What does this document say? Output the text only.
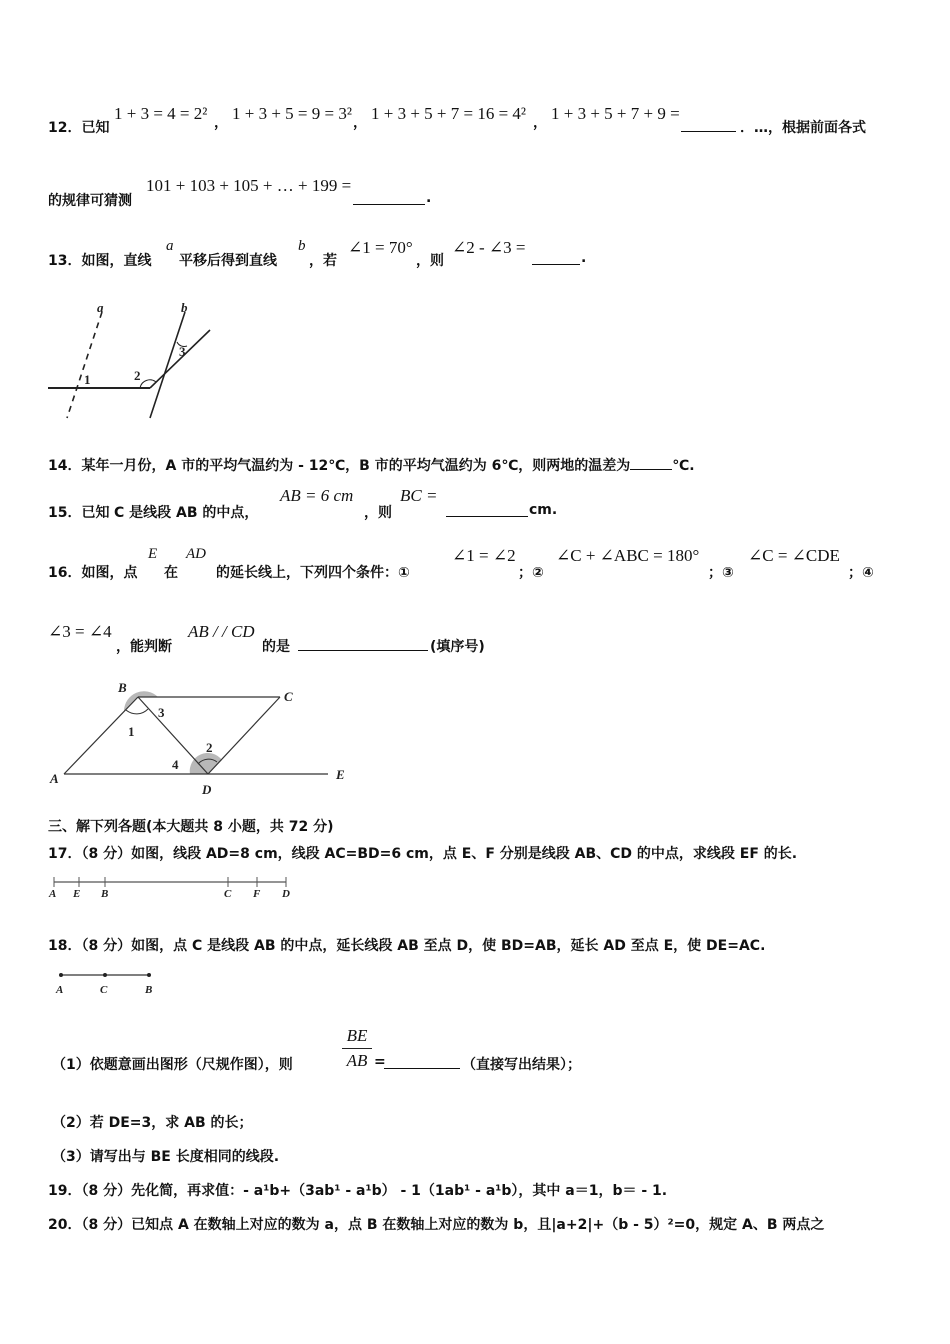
12．已知
1 + 3 = 4 = 2² ， 1 + 3 + 5 = 9 = 3² ， 1 + 3 + 5 + 7 = 16 = 4² ， 1 + 3 + 5 + 7 + 9 =
．…，根据前面各式
的规律可猜测
101 + 103 + 105 + … + 199 =
.
13．如图，直线
a
平移后得到直线
b
，若
∠1 = 70°
，则
∠2 - ∠3 =
.
a	b
1	2
3
14．某年一月份，A 市的平均气温约为 - 12℃，B 市的平均气温约为 6℃，则两地的温差为	℃.
15．已知 C 是线段 AB 的中点，
AB = 6 cm
，则
BC =
cm.
16．如图，点
E
在
AD
的延长线上，下列四个条件：①
∠1 = ∠2
；②
∠C + ∠ABC = 180°
；③
∠C = ∠CDE
；④
∠3 = ∠4
，能判断
AB / / CD
的是	(填序号)
A
B
C
D
E
1
2
3
4
三、解下列各题(本大题共 8 小题，共 72 分)
17．（8 分）如图，线段 AD=8 cm，线段 AC=BD=6 cm，点 E、F 分别是线段 AB、CD 的中点，求线段 EF 的长.
A E B	C F D
18．（8 分）如图，点 C 是线段 AB 的中点，延长线段 AB 至点 D，使 BD=AB，延长 AD 至点 E，使 DE=AC.
A	C	B
（1）依题意画出图形（尺规作图），则
BE
AB =	（直接写出结果）；
（2）若 DE=3，求 AB 的长；
（3）请写出与 BE 长度相同的线段.
19．（8 分）先化简，再求值：- a¹b+（3ab¹ - a¹b） - 1（1ab¹ - a¹b），其中 a＝1，b＝ - 1.
20．（8 分）已知点 A 在数轴上对应的数为 a，点 B 在数轴上对应的数为 b，且|a+2|+（b - 5）²=0，规定 A、B 两点之
